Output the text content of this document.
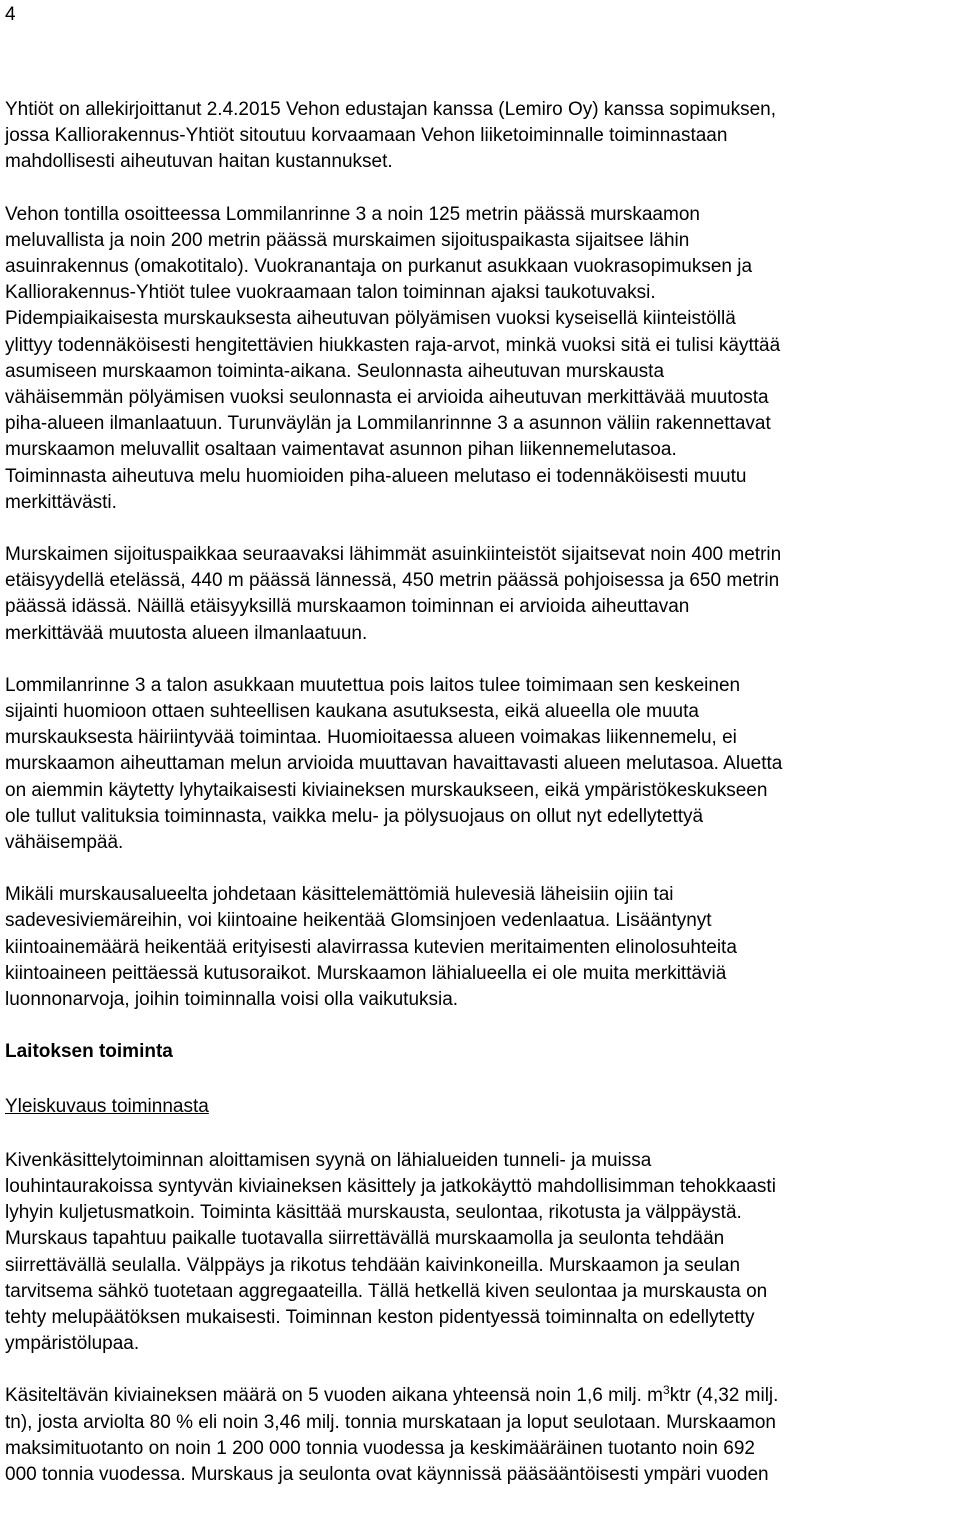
4

Yhtiöt on allekirjoittanut 2.4.2015 Vehon edustajan kanssa (Lemiro Oy) kanssa sopimuksen,
jossa Kalliorakennus-Yhtiöt sitoutuu korvaamaan Vehon liiketoiminnalle toiminnastaan
mahdollisesti aiheutuvan haitan kustannukset.

Vehon tontilla osoitteessa Lommilanrinne 3 a noin 125 metrin päässä murskaamon
meluvallista ja noin 200 metrin päässä murskaimen sijoituspaikasta sijaitsee lähin
asuinrakennus (omakotitalo). Vuokranantaja on purkanut asukkaan vuokrasopimuksen ja
Kalliorakennus-Yhtiöt tulee vuokraamaan talon toiminnan ajaksi taukotuvaksi.
Pidempiaikaisesta murskauksesta aiheutuvan pölyämisen vuoksi kyseisellä kiinteistöllä
ylittyy todennäköisesti hengitettävien hiukkasten raja-arvot, minkä vuoksi sitä ei tulisi käyttää
asumiseen murskaamon toiminta-aikana. Seulonnasta aiheutuvan murskausta
vähäisemmän pölyämisen vuoksi seulonnasta ei arvioida aiheutuvan merkittävää muutosta
piha-alueen ilmanlaatuun. Turunväylän ja Lommilanrinnne 3 a asunnon väliin rakennettavat
murskaamon meluvallit osaltaan vaimentavat asunnon pihan liikennemelutasoa.
Toiminnasta aiheutuva melu huomioiden piha-alueen melutaso ei todennäköisesti muutu
merkittävästi.

Murskaimen sijoituspaikkaa seuraavaksi lähimmät asuinkiinteistöt sijaitsevat noin 400 metrin
etäisyydellä etelässä, 440 m päässä lännessä, 450 metrin päässä pohjoisessa ja 650 metrin
päässä idässä. Näillä etäisyyksillä murskaamon toiminnan ei arvioida aiheuttavan
merkittävää muutosta alueen ilmanlaatuun.

Lommilanrinne 3 a talon asukkaan muutettua pois laitos tulee toimimaan sen keskeinen
sijainti huomioon ottaen suhteellisen kaukana asutuksesta, eikä alueella ole muuta
murskauksesta häiriintyvää toimintaa. Huomioitaessa alueen voimakas liikennemelu, ei
murskaamon aiheuttaman melun arvioida muuttavan havaittavasti alueen melutasoa. Aluetta
on aiemmin käytetty lyhytaikaisesti kiviaineksen murskaukseen, eikä ympäristökeskukseen
ole tullut valituksia toiminnasta, vaikka melu- ja pölysuojaus on ollut nyt edellytettyä
vähäisempää.

Mikäli murskausalueelta johdetaan käsittelemättömiä hulevesiä läheisiin ojiin tai
sadevesiviemäreihin, voi kiintoaine heikentää Glomsinjoen vedenlaatua. Lisääntynyt
kiintoainemäärä heikentää erityisesti alavirrassa kutevien meritaimenten elinolosuhteita
kiintoaineen peittäessä kutusoraikot. Murskaamon lähialueella ei ole muita merkittäviä
luonnonarvoja, joihin toiminnalla voisi olla vaikutuksia.

Laitoksen toiminta
Yleiskuvaus toiminnasta

Kivenkäsittelytoiminnan aloittamisen syynä on lähialueiden tunneli- ja muissa
louhintaurakoissa syntyvän kiviaineksen käsittely ja jatkokäyttö mahdollisimman tehokkaasti
lyhyin kuljetusmatkoin. Toiminta käsittää murskausta, seulontaa, rikotusta ja välppäystä.
Murskaus tapahtuu paikalle tuotavalla siirrettävällä murskaamolla ja seulonta tehdään
siirrettävällä seulalla. Välppäys ja rikotus tehdään kaivinkoneilla. Murskaamon ja seulan
tarvitsema sähkö tuotetaan aggregaateilla. Tällä hetkellä kiven seulontaa ja murskausta on
tehty melupäätöksen mukaisesti. Toiminnan keston pidentyessä toiminnalta on edellytetty
ympäristölupaa.

Käsiteltävän kiviaineksen määrä on 5 vuoden aikana yhteensä noin 1,6 milj. $m^3ktr$ (4,32 milj.
tn), josta arviolta 80 % eli noin 3,46 milj. tonnia murskataan ja loput seulotaan. Murskaamon
maksimituotanto on noin 1 200 000 tonnia vuodessa ja keskimääräinen tuotanto noin 692
000 tonnia vuodessa. Murskaus ja seulonta ovat käynnissä pääsääntöisesti ympäri vuoden
